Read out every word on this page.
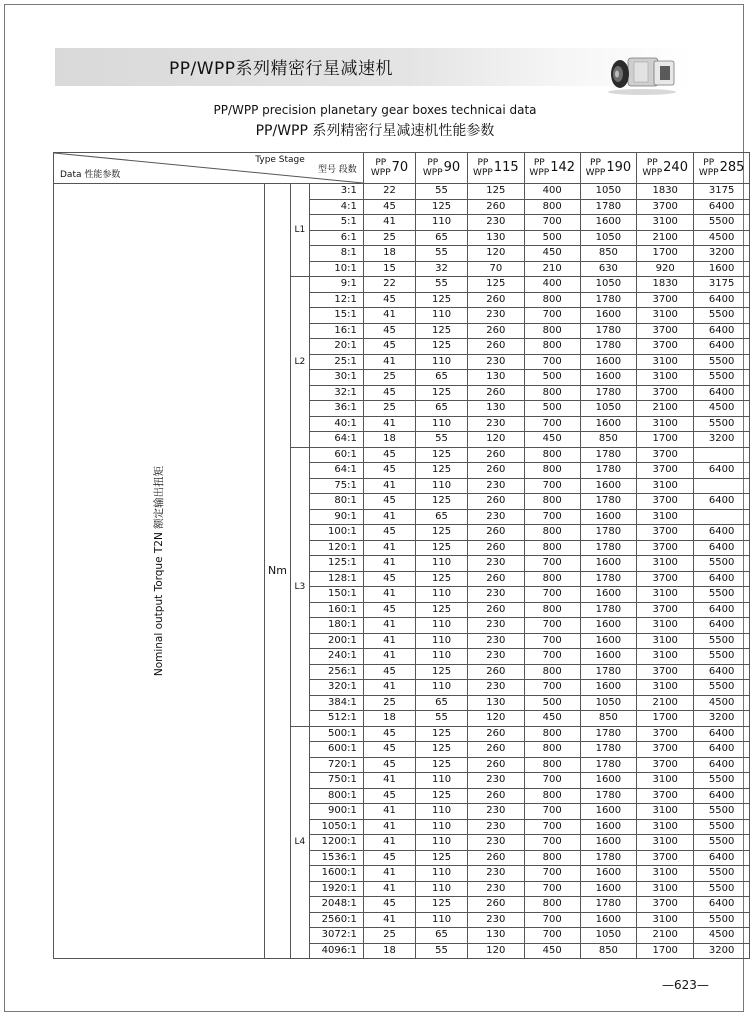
PP/WPP系列精密行星减速机
PP/WPP precision planetary gear boxes technicai data
PP/WPP 系列精密行星减速机性能参数
Type Stage
型号 段数
Data 性能参数				PP
WPP 70	PP
WPP 90	PP
WPP 115	PP
WPP 142	PP
WPP 190	PP
WPP 240	PP
WPP 285

Nominal output Torque T2N 额定输出扭矩	Nm	L1	3:1	22	55	125	400	1050	1830	3175
			4:1	45	125	260	800	1780	3700	6400
			5:1	41	110	230	700	1600	3100	5500
			6:1	25	65	130	500	1050	2100	4500
			8:1	18	55	120	450	850	1700	3200
			10:1	15	32	70	210	630	920	1600
		L2	9:1	22	55	125	400	1050	1830	3175
			12:1	45	125	260	800	1780	3700	6400
			15:1	41	110	230	700	1600	3100	5500
			16:1	45	125	260	800	1780	3700	6400
			20:1	45	125	260	800	1780	3700	6400
			25:1	41	110	230	700	1600	3100	5500
			30:1	25	65	130	500	1600	3100	5500
			32:1	45	125	260	800	1780	3700	6400
			36:1	25	65	130	500	1050	2100	4500
			40:1	41	110	230	700	1600	3100	5500
			64:1	18	55	120	450	850	1700	3200
		L3	60:1	45	125	260	800	1780	3700	
			64:1	45	125	260	800	1780	3700	6400
			75:1	41	110	230	700	1600	3100	
			80:1	45	125	260	800	1780	3700	6400
			90:1	41	65	230	700	1600	3100	
			100:1	45	125	260	800	1780	3700	6400
			120:1	41	125	260	800	1780	3700	6400
			125:1	41	110	230	700	1600	3100	5500
			128:1	45	125	260	800	1780	3700	6400
			150:1	41	110	230	700	1600	3100	5500
			160:1	45	125	260	800	1780	3700	6400
			180:1	41	110	230	700	1600	3100	6400
			200:1	41	110	230	700	1600	3100	5500
			240:1	41	110	230	700	1600	3100	5500
			256:1	45	125	260	800	1780	3700	6400
			320:1	41	110	230	700	1600	3100	5500
			384:1	25	65	130	500	1050	2100	4500
			512:1	18	55	120	450	850	1700	3200
		L4	500:1	45	125	260	800	1780	3700	6400
			600:1	45	125	260	800	1780	3700	6400
			720:1	45	125	260	800	1780	3700	6400
			750:1	41	110	230	700	1600	3100	5500
			800:1	45	125	260	800	1780	3700	6400
			900:1	41	110	230	700	1600	3100	5500
			1050:1	41	110	230	700	1600	3100	5500
			1200:1	41	110	230	700	1600	3100	5500
			1536:1	45	125	260	800	1780	3700	6400
			1600:1	41	110	230	700	1600	3100	5500
			1920:1	41	110	230	700	1600	3100	5500
			2048:1	45	125	260	800	1780	3700	6400
			2560:1	41	110	230	700	1600	3100	5500
			3072:1	25	65	130	700	1050	2100	4500
			4096:1	18	55	120	450	850	1700	3200
—623—
